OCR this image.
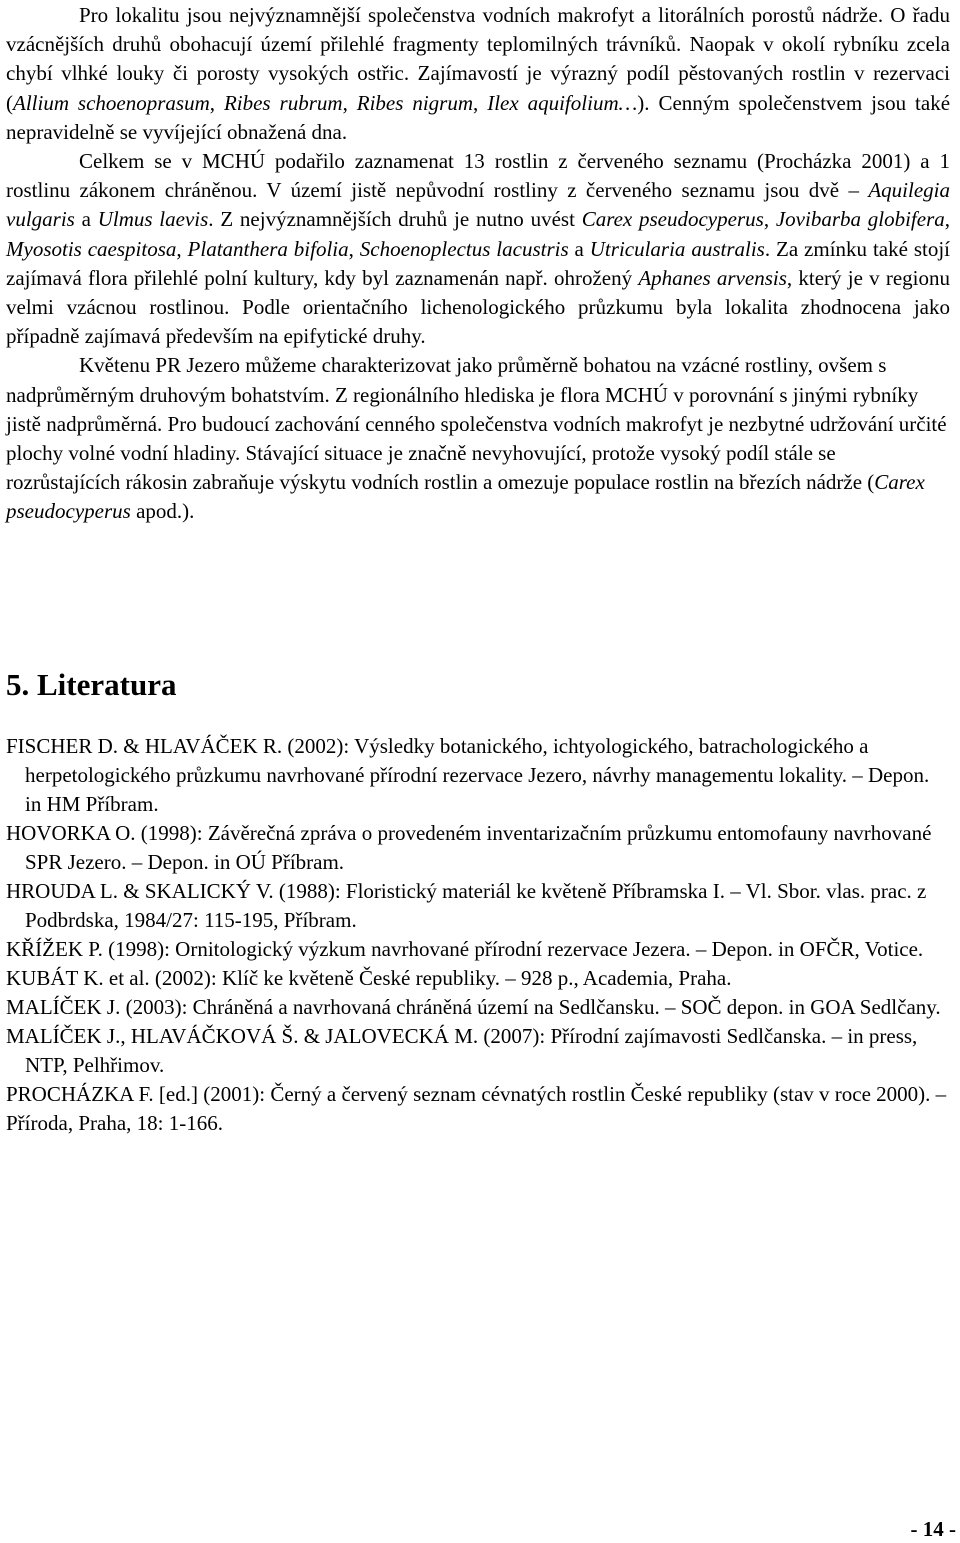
Pro lokalitu jsou nejvýznamnější společenstva vodních makrofyt a litorálních porostů nádrže. O řadu vzácnějších druhů obohacují území přilehlé fragmenty teplomilných trávníků. Naopak v okolí rybníku zcela chybí vlhké louky či porosty vysokých ostřic. Zajímavostí je výrazný podíl pěstovaných rostlin v rezervaci (Allium schoenoprasum, Ribes rubrum, Ribes nigrum, Ilex aquifolium…). Cenným společenstvem jsou také nepravidelně se vyvíjející obnažená dna.

Celkem se v MCHÚ podařilo zaznamenat 13 rostlin z červeného seznamu (Procházka 2001) a 1 rostlinu zákonem chráněnou. V území jistě nepůvodní rostliny z červeného seznamu jsou dvě – Aquilegia vulgaris a Ulmus laevis. Z nejvýznamnějších druhů je nutno uvést Carex pseudocyperus, Jovibarba globifera, Myosotis caespitosa, Platanthera bifolia, Schoenoplectus lacustris a Utricularia australis. Za zmínku také stojí zajímavá flora přilehlé polní kultury, kdy byl zaznamenán např. ohrožený Aphanes arvensis, který je v regionu velmi vzácnou rostlinou. Podle orientačního lichenologického průzkumu byla lokalita zhodnocena jako případně zajímavá především na epifytické druhy.

Květenu PR Jezero můžeme charakterizovat jako průměrně bohatou na vzácné rostliny, ovšem s nadprůměrným druhovým bohatstvím. Z regionálního hlediska je flora MCHÚ v porovnání s jinými rybníky jistě nadprůměrná. Pro budoucí zachování cenného společenstva vodních makrofyt je nezbytné udržování určité plochy volné vodní hladiny. Stávající situace je značně nevyhovující, protože vysoký podíl stále se rozrůstajících rákosin zabraňuje výskytu vodních rostlin a omezuje populace rostlin na březích nádrže (Carex pseudocyperus apod.).

5. Literatura

FISCHER D. & HLAVÁČEK R. (2002): Výsledky botanického, ichtyologického, batrachologického a herpetologického průzkumu navrhované přírodní rezervace Jezero, návrhy managementu lokality. – Depon. in HM Příbram.

HOVORKA O. (1998): Závěrečná zpráva o provedeném inventarizačním průzkumu entomofauny navrhované SPR Jezero. – Depon. in OÚ Příbram.

HROUDA L. & SKALICKÝ V. (1988): Floristický materiál ke květeně Příbramska I. – Vl. Sbor. vlas. prac. z Podbrdska, 1984/27: 115-195, Příbram.

KŘÍŽEK P. (1998): Ornitologický výzkum navrhované přírodní rezervace Jezera. – Depon. in OFČR, Votice.

KUBÁT K. et al. (2002): Klíč ke květeně České republiky. – 928 p., Academia, Praha.

MALÍČEK J. (2003): Chráněná a navrhovaná chráněná území na Sedlčansku. – SOČ depon. in GOA Sedlčany.

MALÍČEK J., HLAVÁČKOVÁ Š. & JALOVECKÁ M. (2007): Přírodní zajímavosti Sedlčanska. – in press, NTP, Pelhřimov.

PROCHÁZKA F. [ed.] (2001): Černý a červený seznam cévnatých rostlin České republiky (stav v roce 2000). – Příroda, Praha, 18: 1-166.

- 14 -
